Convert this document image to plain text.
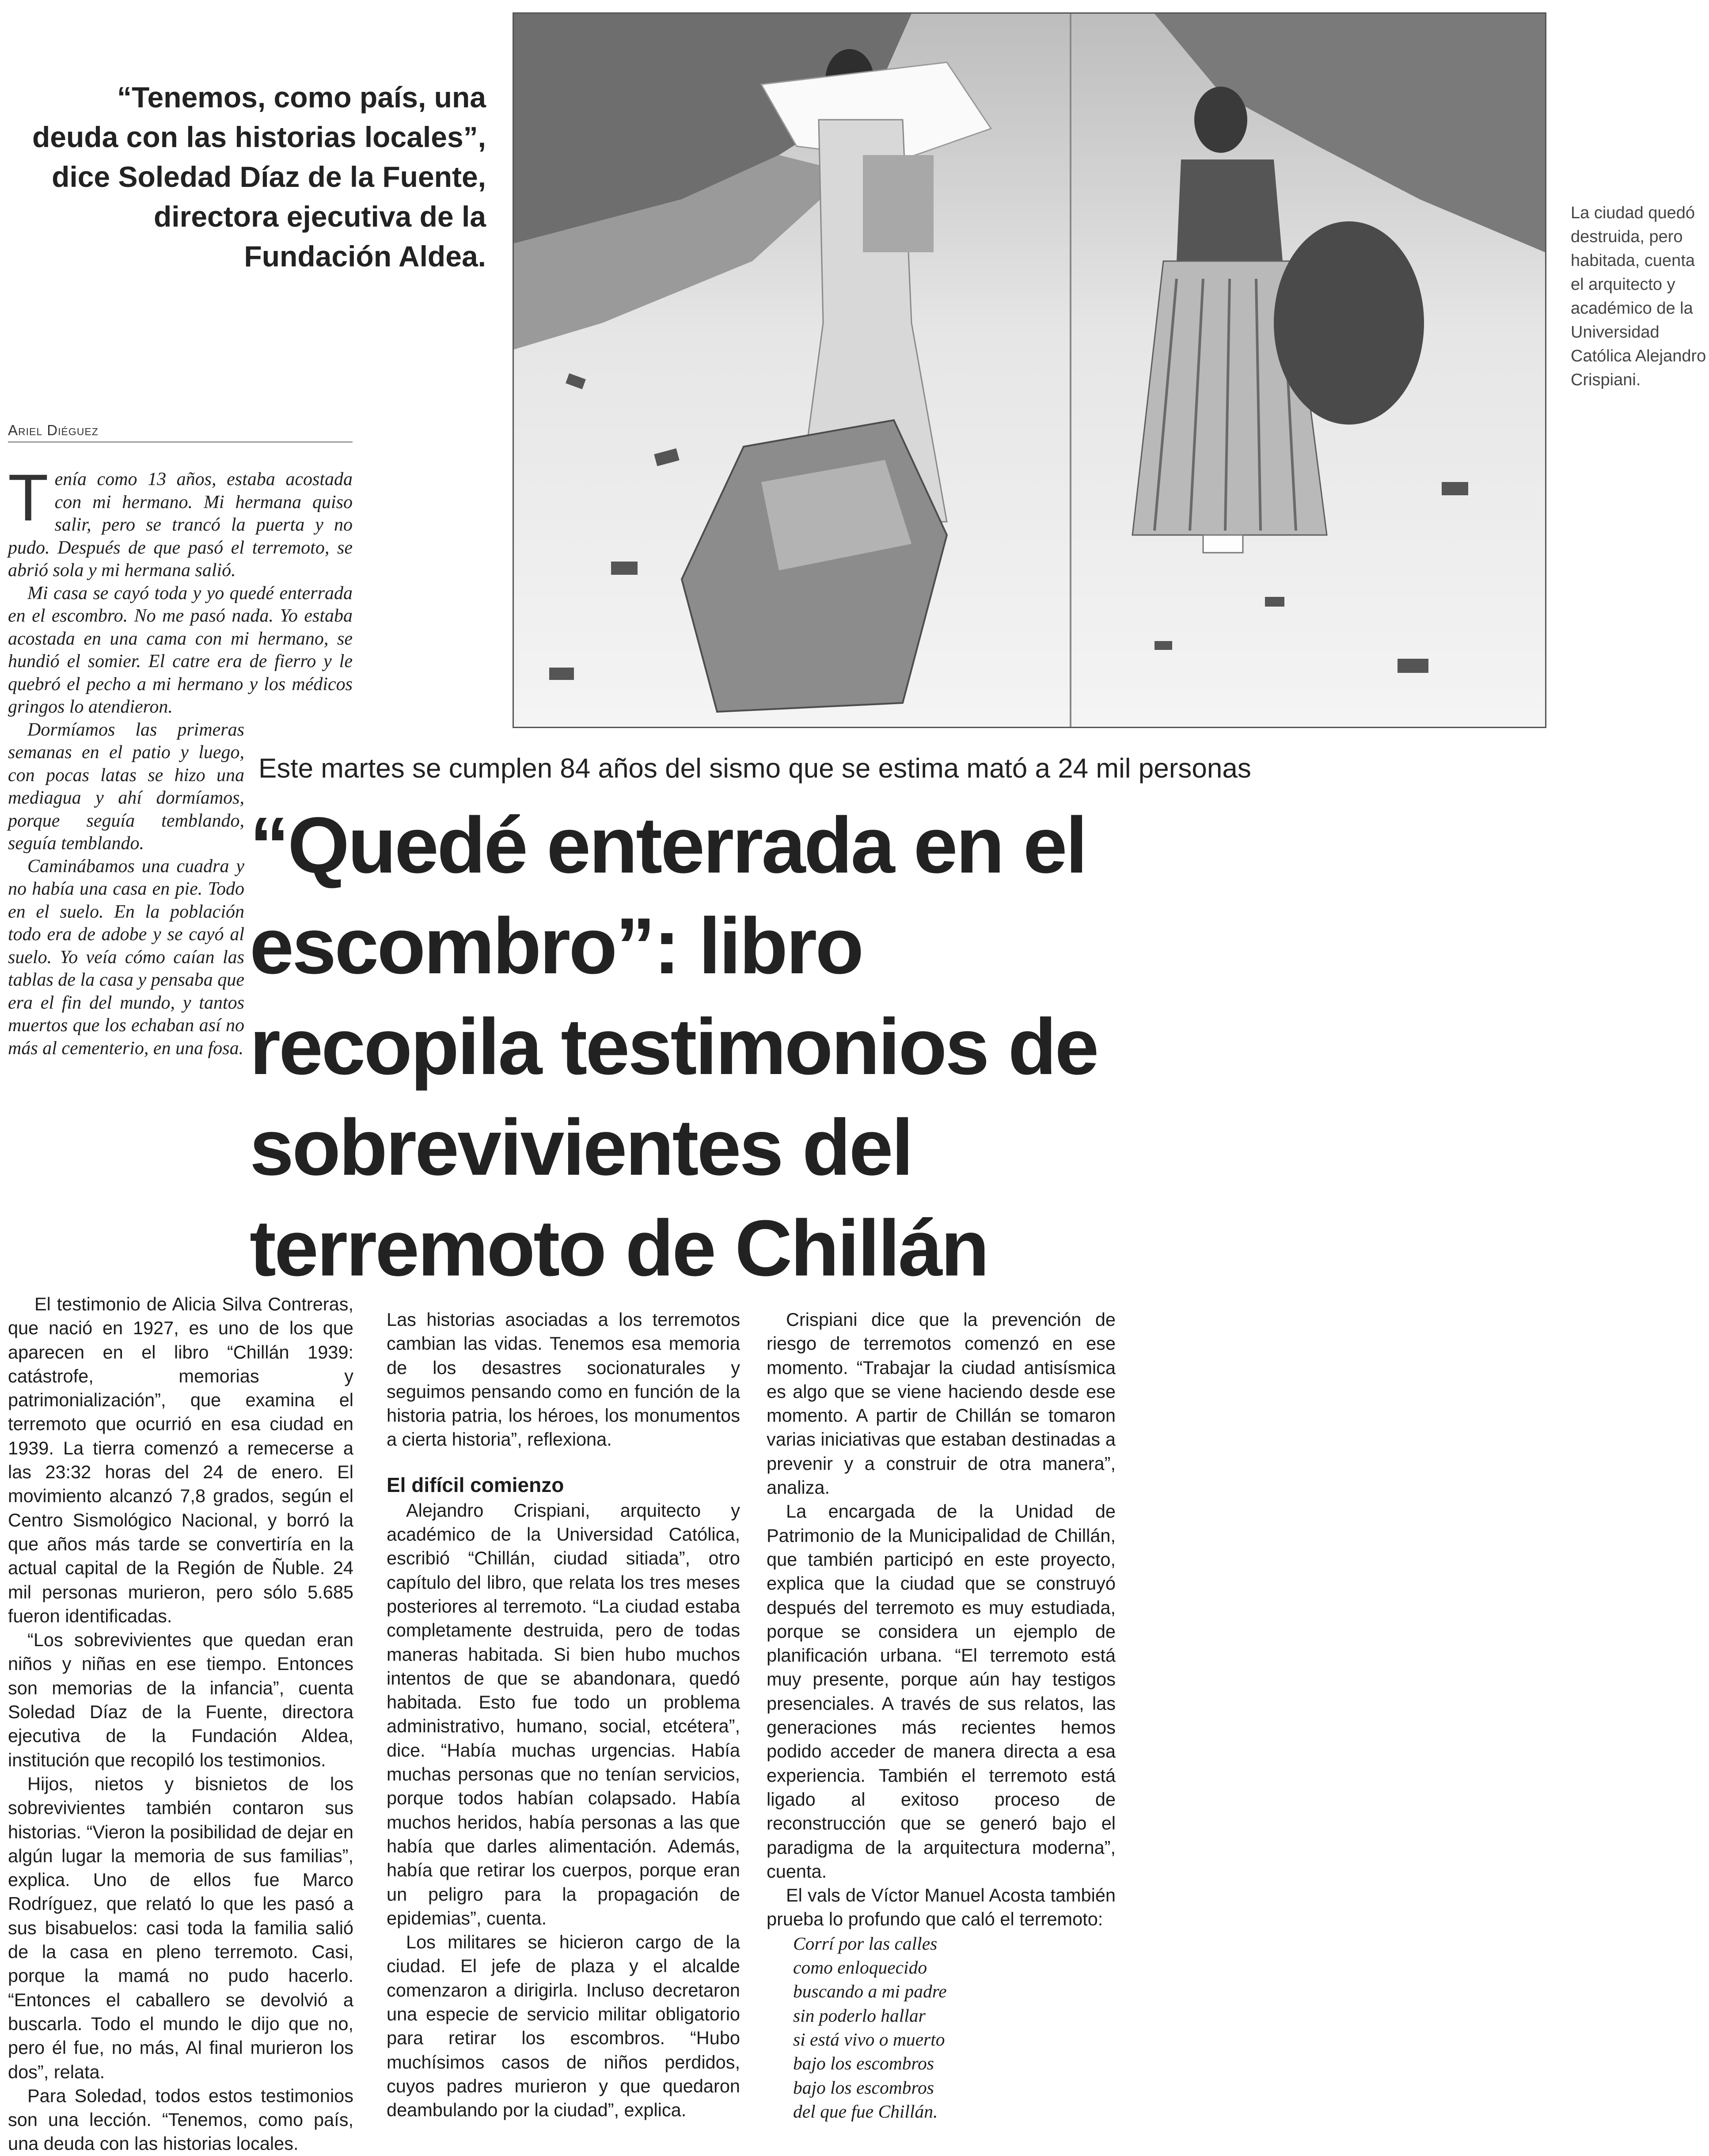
“Tenemos, como país, una deuda con las historias locales”, dice Soledad Díaz de la Fuente, directora ejecutiva de la Fundación Aldea.
La ciudad quedó destruida, pero habitada, cuenta el arquitecto y académico de la Universidad Católica Alejandro Crispiani.
Ariel Diéguez

Tenía como 13 años, estaba acostada con mi hermano. Mi hermana quiso salir, pero se trancó la puerta y no pudo. Después de que pasó el terremoto, se abrió sola y mi hermana salió.

Mi casa se cayó toda y yo quedé enterrada en el escombro. No me pasó nada. Yo estaba acostada en una cama con mi hermano, se hundió el somier. El catre era de fierro y le quebró el pecho a mi hermano y los médicos gringos lo atendieron.

Dormíamos las primeras semanas en el patio y luego, con pocas latas se hizo una mediagua y ahí dormíamos, porque seguía temblando, seguía temblando.

Caminábamos una cuadra y no había una casa en pie. Todo en el suelo. En la población todo era de adobe y se cayó al suelo. Yo veía cómo caían las tablas de la casa y pensaba que era el fin del mundo, y tantos muertos que los echaban así no más al cementerio, en una fosa.

Este martes se cumplen 84 años del sismo que se estima mató a 24 mil personas
“Quedé enterrada en el escombro”: libro recopila testimonios de sobrevivientes del terremoto de Chillán

El testimonio de Alicia Silva Contreras, que nació en 1927, es uno de los que aparecen en el libro “Chillán 1939: catástrofe, memorias y patrimonialización”, que examina el terremoto que ocurrió en esa ciudad en 1939. La tierra comenzó a remecerse a las 23:32 horas del 24 de enero. El movimiento alcanzó 7,8 grados, según el Centro Sismológico Nacional, y borró la que años más tarde se convertiría en la actual capital de la Región de Ñuble. 24 mil personas murieron, pero sólo 5.685 fueron identificadas.

“Los sobrevivientes que quedan eran niños y niñas en ese tiempo. Entonces son memorias de la infancia”, cuenta Soledad Díaz de la Fuente, directora ejecutiva de la Fundación Aldea, institución que recopiló los testimonios.

Hijos, nietos y bisnietos de los sobrevivientes también contaron sus historias. “Vieron la posibilidad de dejar en algún lugar la memoria de sus familias”, explica. Uno de ellos fue Marco Rodríguez, que relató lo que les pasó a sus bisabuelos: casi toda la familia salió de la casa en pleno terremoto. Casi, porque la mamá no pudo hacerlo. “Entonces el caballero se devolvió a buscarla. Todo el mundo le dijo que no, pero él fue, no más, Al final murieron los dos”, relata.

Para Soledad, todos estos testimonios son una lección. “Tenemos, como país, una deuda con las historias locales.

Las historias asociadas a los terremotos cambian las vidas. Tenemos esa memoria de los desastres socionaturales y seguimos pensando como en función de la historia patria, los héroes, los monumentos a cierta historia”, reflexiona.

El difícil comienzo

Alejandro Crispiani, arquitecto y académico de la Universidad Católica, escribió “Chillán, ciudad sitiada”, otro capítulo del libro, que relata los tres meses posteriores al terremoto. “La ciudad estaba completamente destruida, pero de todas maneras habitada. Si bien hubo muchos intentos de que se abandonara, quedó habitada. Esto fue todo un problema administrativo, humano, social, etcétera”, dice. “Había muchas urgencias. Había muchas personas que no tenían servicios, porque todos habían colapsado. Había muchos heridos, había personas a las que había que darles alimentación. Además, había que retirar los cuerpos, porque eran un peligro para la propagación de epidemias”, cuenta.

Los militares se hicieron cargo de la ciudad. El jefe de plaza y el alcalde comenzaron a dirigirla. Incluso decretaron una especie de servicio militar obligatorio para retirar los escombros. “Hubo muchísimos casos de niños perdidos, cuyos padres murieron y que quedaron deambulando por la ciudad”, explica.

Crispiani dice que la prevención de riesgo de terremotos comenzó en ese momento. “Trabajar la ciudad antisísmica es algo que se viene haciendo desde ese momento. A partir de Chillán se tomaron varias iniciativas que estaban destinadas a prevenir y a construir de otra manera”, analiza.

La encargada de la Unidad de Patrimonio de la Municipalidad de Chillán, que también participó en este proyecto, explica que la ciudad que se construyó después del terremoto es muy estudiada, porque se considera un ejemplo de planificación urbana. “El terremoto está muy presente, porque aún hay testigos presenciales. A través de sus relatos, las generaciones más recientes hemos podido acceder de manera directa a esa experiencia. También el terremoto está ligado al exitoso proceso de reconstrucción que se generó bajo el paradigma de la arquitectura moderna”, cuenta.

El vals de Víctor Manuel Acosta también prueba lo profundo que caló el terremoto:

Corrí por las calles

como enloquecido

buscando a mi padre

sin poderlo hallar

si está vivo o muerto

bajo los escombros

bajo los escombros

del que fue Chillán.
